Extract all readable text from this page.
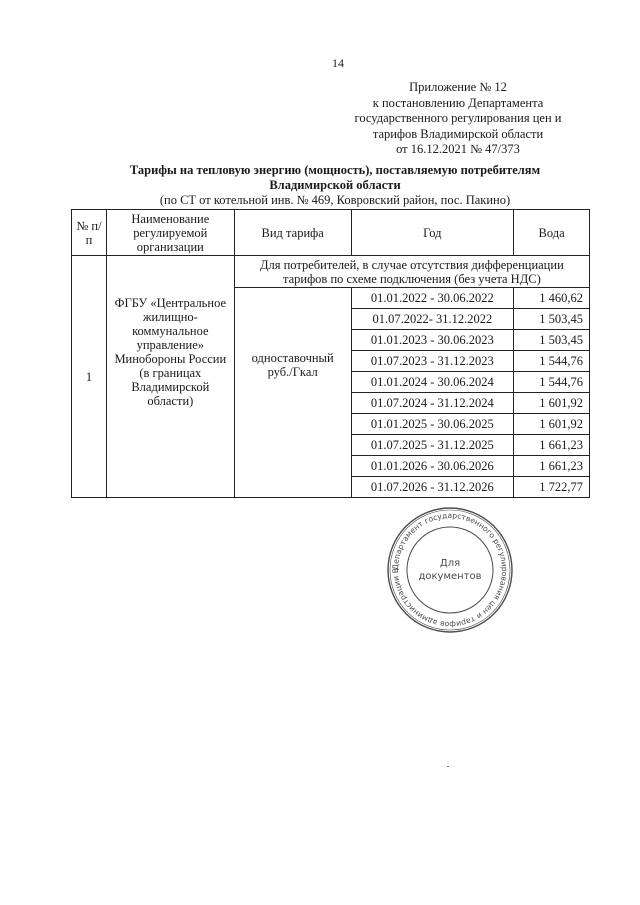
14
Приложение № 12
к постановлению Департамента
государственного регулирования цен и
тарифов Владимирской области
от 16.12.2021 № 47/373
Тарифы на тепловую энергию (мощность), поставляемую потребителям
Владимирской области
(по СТ от котельной инв. № 469, Ковровский район, пос. Пакино)
№ п/п	Наименование регулируемой организации	Вид тарифа	Год	Вода
1	ФГБУ «Центральное жилищно-коммунальное управление» Минобороны России (в границах Владимирской области)	Для потребителей, в случае отсутствия дифференциации тарифов по схеме подключения (без учета НДС)		
		одноставочный руб./Гкал	01.01.2022 - 30.06.2022	1 460,62
			01.07.2022- 31.12.2022	1 503,45
			01.01.2023 - 30.06.2023	1 503,45
			01.07.2023 - 31.12.2023	1 544,76
			01.01.2024 - 30.06.2024	1 544,76
			01.07.2024 - 31.12.2024	1 601,92
			01.01.2025 - 30.06.2025	1 601,92
			01.07.2025 - 31.12.2025	1 661,23
			01.01.2026 - 30.06.2026	1 661,23
			01.07.2026 - 31.12.2026	1 722,77
Департамент государственного регулирования цен и тарифов администрации В
Для
документов
